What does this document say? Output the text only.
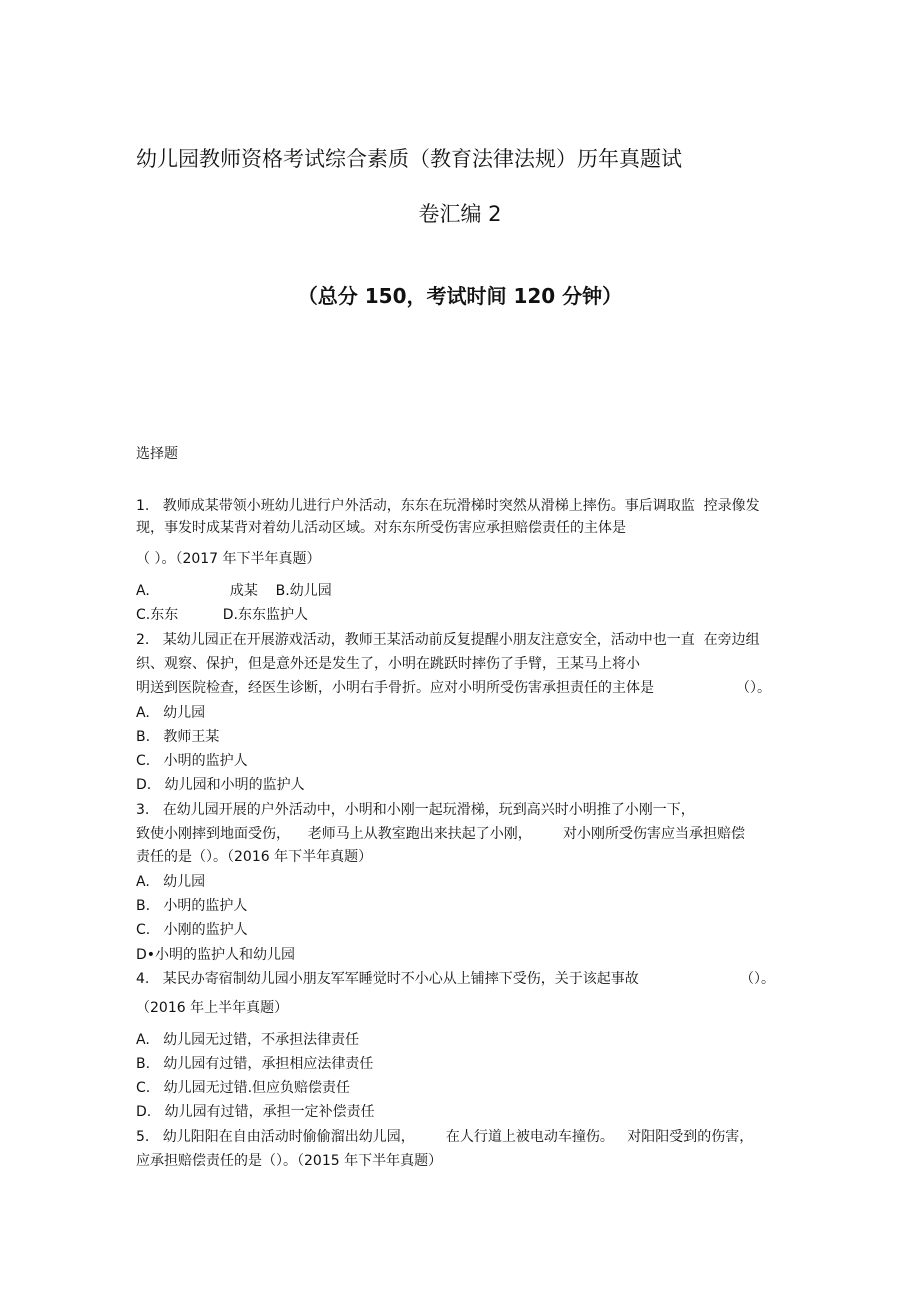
幼儿园教师资格考试综合素质（教育法律法规）历年真题试
卷汇编 2
（总分 150，考试时间 120 分钟）
选择题
1.   教师成某带领小班幼儿进行户外活动，东东在玩滑梯时突然从滑梯上摔伤。事后调取监  控录像发
现，事发时成某背对着幼儿活动区域。对东东所受伤害应承担赔偿责任的主体是
（ ）。（2017 年下半年真题）
A.                  成某    B.幼儿园
C.东东          D.东东监护人
2.   某幼儿园正在开展游戏活动，教师王某活动前反复提醒小朋友注意安全，活动中也一直  在旁边组
织、观察、保护，但是意外还是发生了，小明在跳跃时摔伤了手臂，王某马上将小
明送到医院检查，经医生诊断，小明右手骨折。应对小明所受伤害承担责任的主体是	（）。
A.   幼儿园
B.   教师王某
C.   小明的监护人
D.   幼儿园和小明的监护人
3.   在幼儿园开展的户外活动中，小明和小刚一起玩滑梯，玩到高兴时小明推了小刚一下，
致使小刚摔到地面受伤，    老师马上从教室跑出来扶起了小刚，       对小刚所受伤害应当承担赔偿
责任的是（）。（2016 年下半年真题）
A.   幼儿园
B.   小明的监护人
C.   小刚的监护人
D•小明的监护人和幼儿园
4.   某民办寄宿制幼儿园小朋友军军睡觉时不小心从上铺摔下受伤，关于该起事故	（）。
（2016 年上半年真题）
A.   幼儿园无过错，不承担法律责任
B.   幼儿园有过错，承担相应法律责任
C.   幼儿园无过错.但应负赔偿责任
D.   幼儿园有过错，承担一定补偿责任
5.   幼儿阳阳在自由活动时偷偷溜出幼儿园，       在人行道上被电动车撞伤。   对阳阳受到的伤害，
应承担赔偿责任的是（）。（2015 年下半年真题）
